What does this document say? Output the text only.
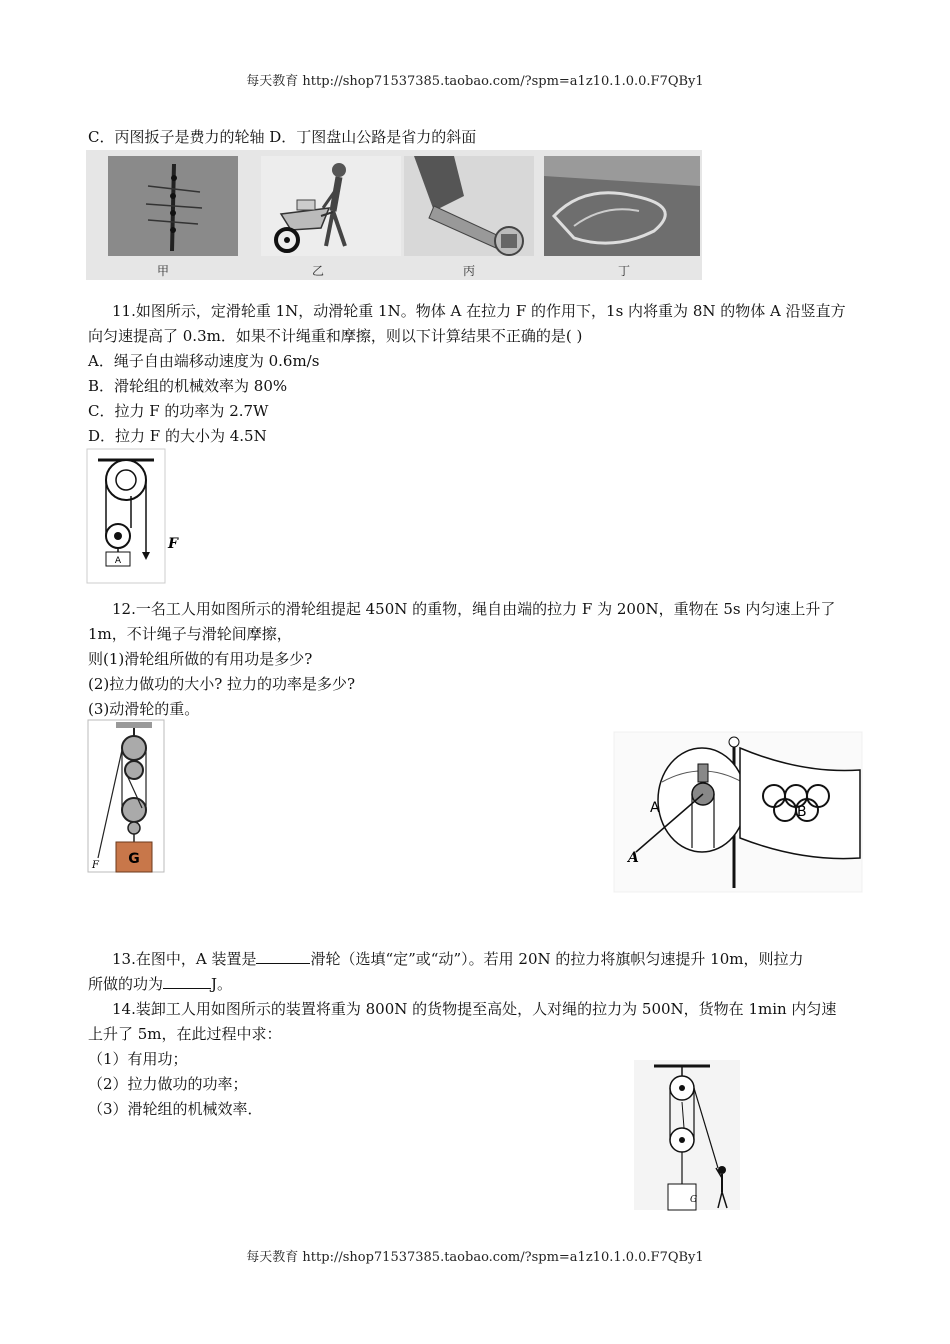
每天教育 http://shop71537385.taobao.com/?spm=a1z10.1.0.0.F7QBy1
C．丙图扳子是费力的轮轴 D．丁图盘山公路是省力的斜面
甲	乙	丙	丁
11.如图所示，定滑轮重 1N，动滑轮重 1N。物体 A 在拉力 F 的作用下，1s 内将重为 8N 的物体 A 沿竖直方
向匀速提高了 0.3m．如果不计绳重和摩擦，则以下计算结果不正确的是( )
A．绳子自由端移动速度为 0.6m/s
B．滑轮组的机械效率为 80%
C．拉力 F 的功率为 2.7W
D．拉力 F 的大小为 4.5N
A
F
12.一名工人用如图所示的滑轮组提起 450N 的重物，绳自由端的拉力 F 为 200N，重物在 5s 内匀速上升了
1m，不计绳子与滑轮间摩擦，
则(1)滑轮组所做的有用功是多少?
(2)拉力做功的大小? 拉力的功率是多少?
(3)动滑轮的重。
G
F
A
A
B
13.在图中，A 装置是	滑轮（选填“定”或“动”）。若用 20N 的拉力将旗帜匀速提升 10m，则拉力
所做的功为	J。
14.装卸工人用如图所示的装置将重为 800N 的货物提至高处，人对绳的拉力为 500N，货物在 1min 内匀速
上升了 5m，在此过程中求：
（1）有用功；
（2）拉力做功的功率；
（3）滑轮组的机械效率．
G
每天教育 http://shop71537385.taobao.com/?spm=a1z10.1.0.0.F7QBy1
